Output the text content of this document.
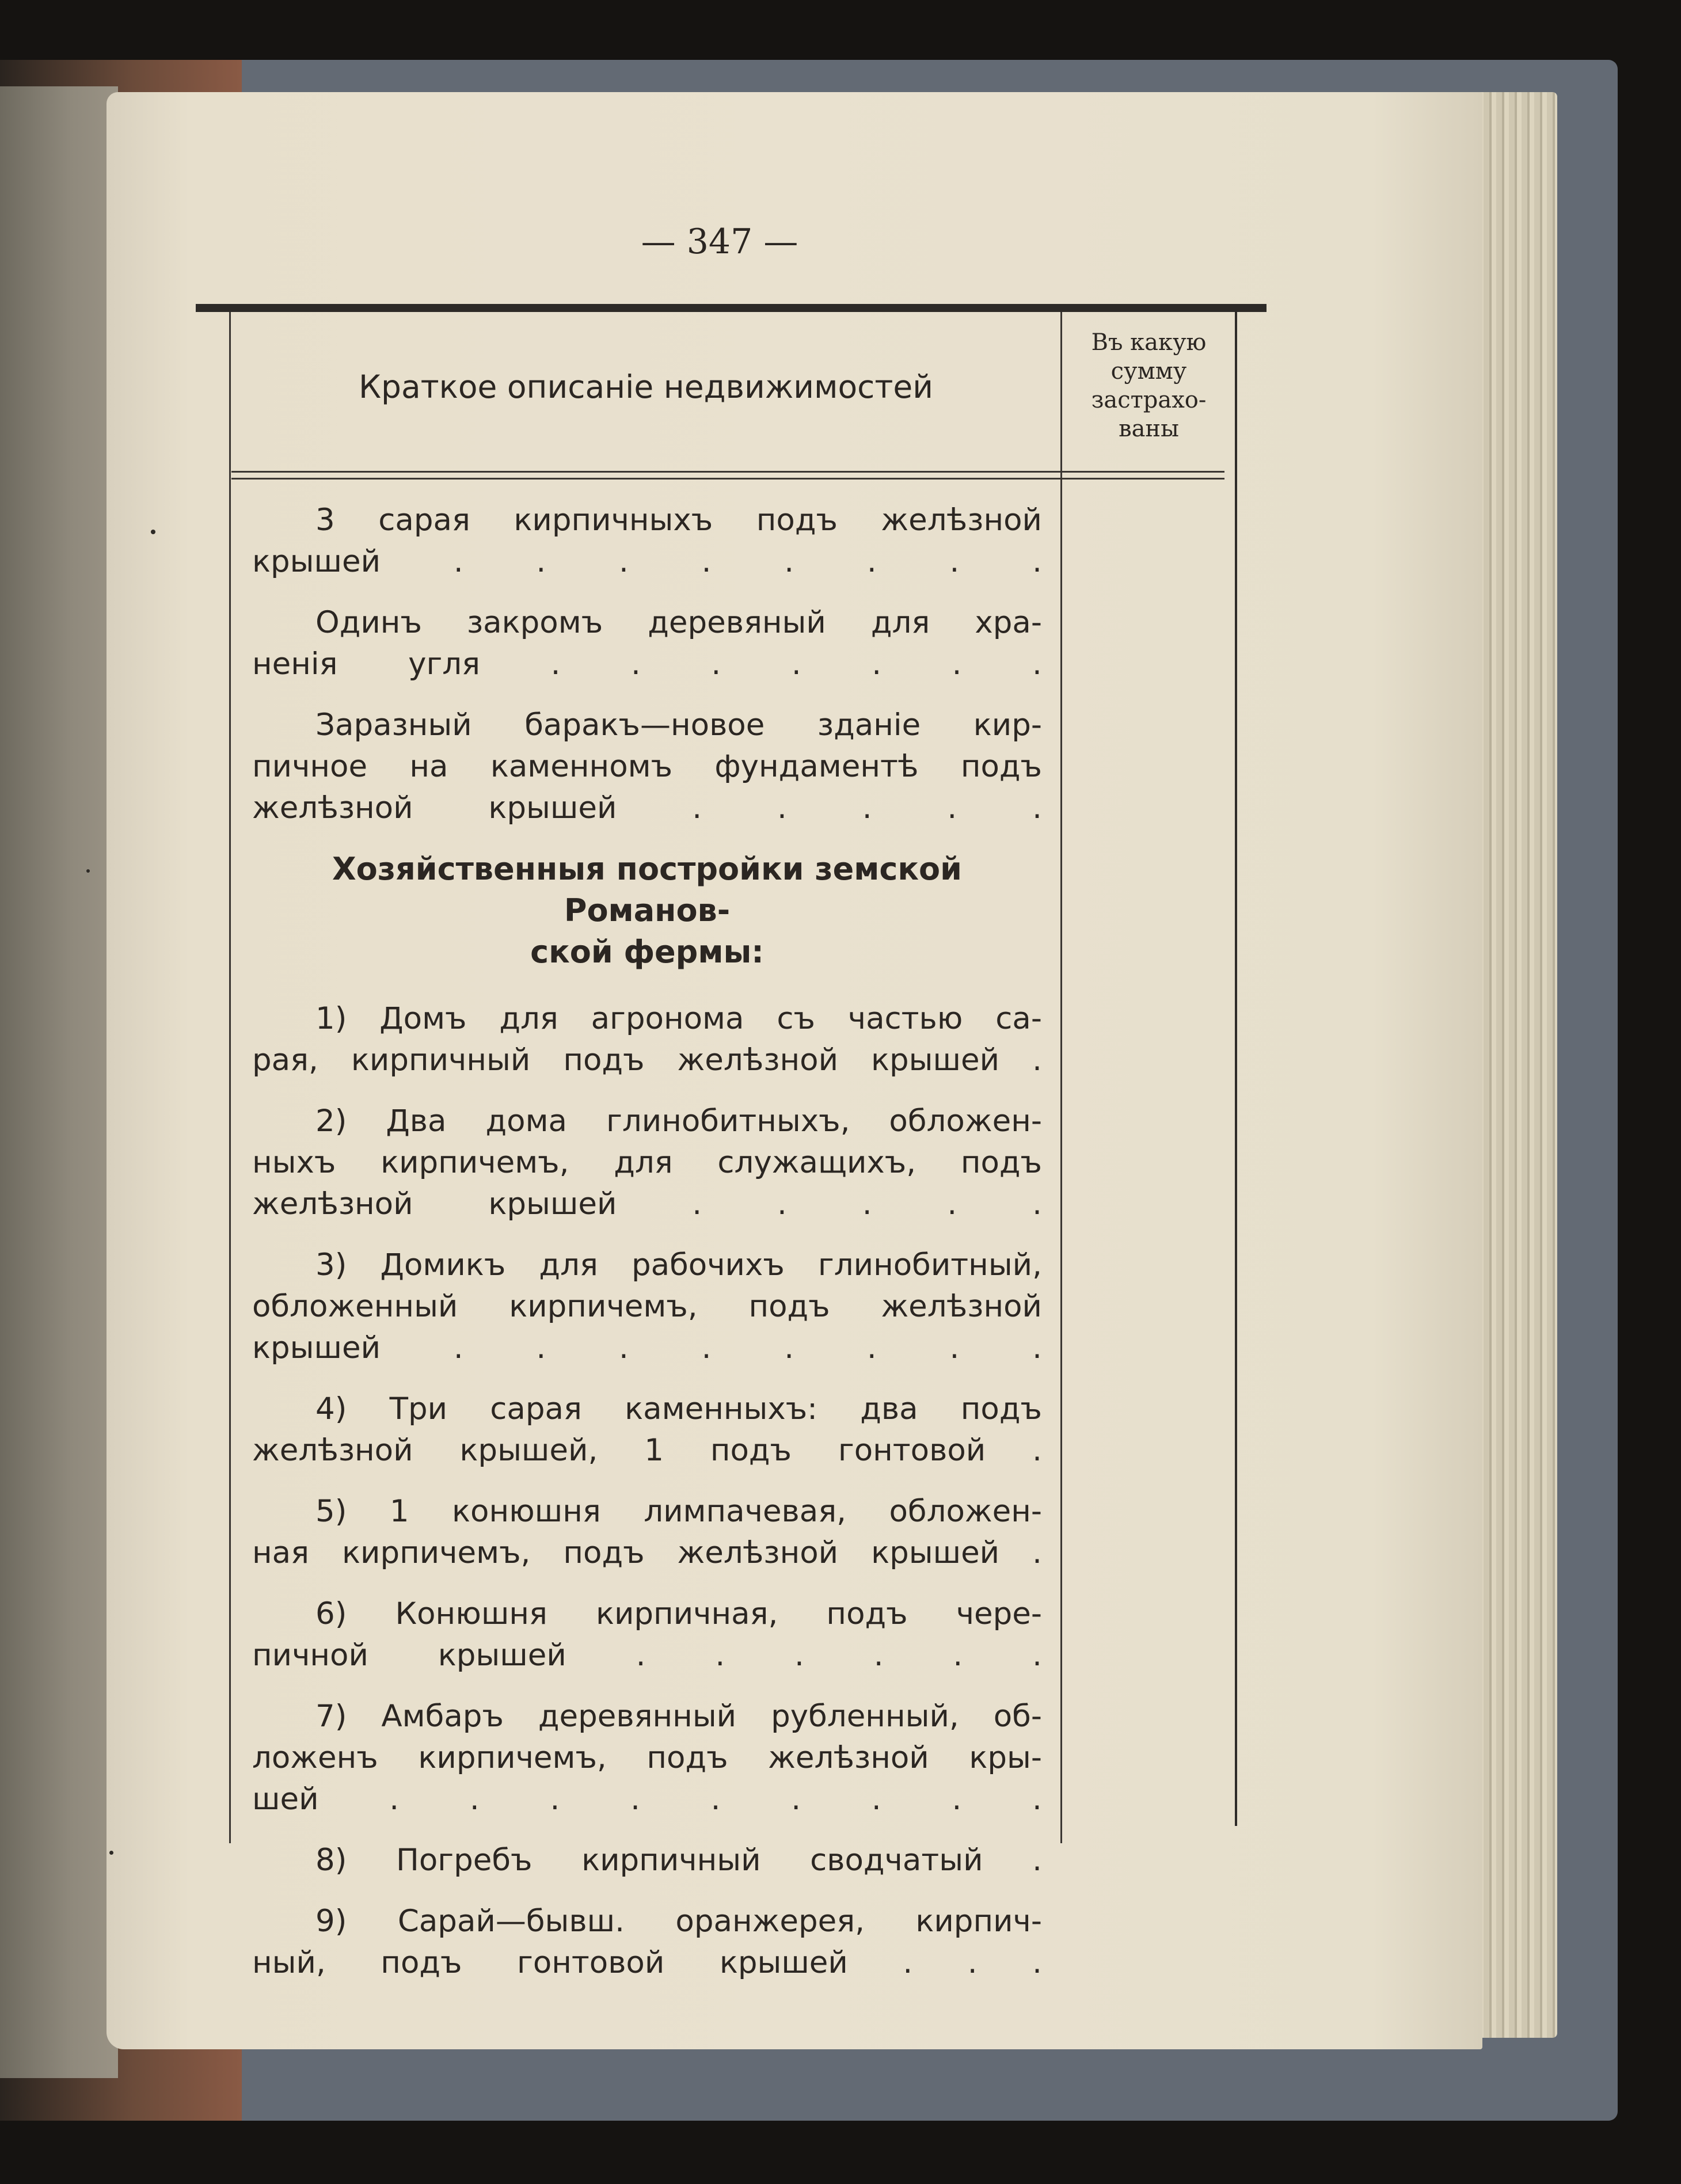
— 347 —
Краткое описаніе недвижимостей
Въ какую
сумму
застрахо-
ваны
3 сарая кирпичныхъ подъ желѣзной
крышей . . . . . . . .
Одинъ закромъ деревяный для хра-
ненія угля . . . . . . .
Заразный баракъ—новое зданіе кир-
пичное на каменномъ фундаментѣ подъ
желѣзной крышей . . . . .
Хозяйственныя постройки земской Романов-
ской фермы:
1) Домъ для агронома съ частью са-
рая, кирпичный подъ желѣзной крышей .
2) Два дома глинобитныхъ, обложен-
ныхъ кирпичемъ, для служащихъ, подъ
желѣзной крышей . . . . .
3) Домикъ для рабочихъ глинобитный,
обложенный кирпичемъ, подъ желѣзной
крышей . . . . . . . .
4) Три сарая каменныхъ: два подъ
желѣзной крышей, 1 подъ гонтовой .
5) 1 конюшня лимпачевая, обложен-
ная кирпичемъ, подъ желѣзной крышей .
6) Конюшня кирпичная, подъ чере-
пичной крышей . . . . . .
7) Амбаръ деревянный рубленный, об-
ложенъ кирпичемъ, подъ желѣзной кры-
шей . . . . . . . . .
8) Погребъ кирпичный сводчатый .
9) Сарай—бывш. оранжерея, кирпич-
ный, подъ гонтовой крышей . . .
